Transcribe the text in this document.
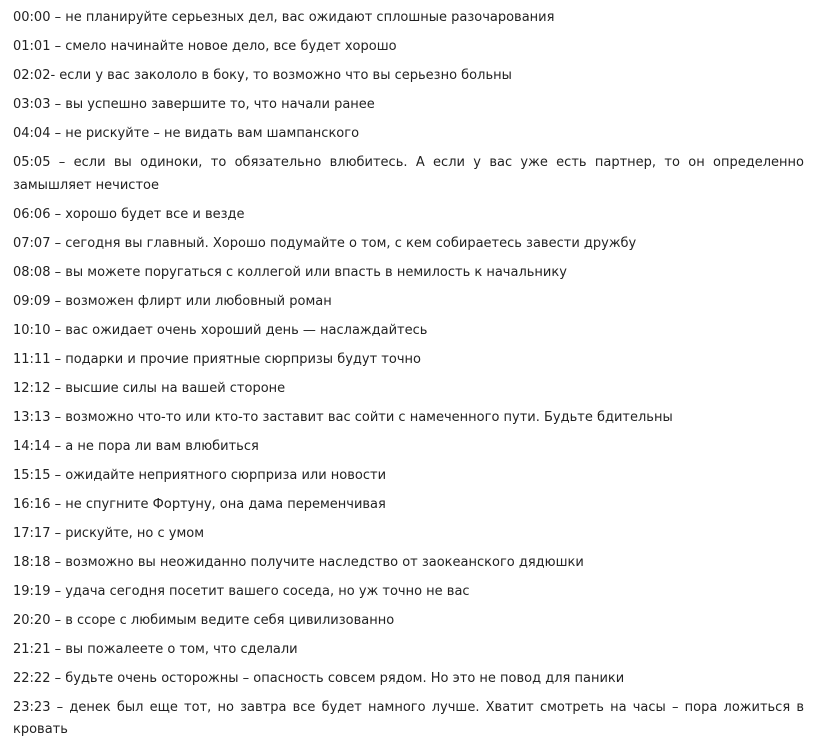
00:00 – не планируйте серьезных дел, вас ожидают сплошные разочарования

01:01 – смело начинайте новое дело, все будет хорошо

02:02- если у вас закололо в боку, то возможно что вы серьезно больны

03:03 – вы успешно завершите то, что начали ранее

04:04 – не рискуйте – не видать вам шампанского

05:05 – если вы одиноки, то обязательно влюбитесь. А если у вас уже есть партнер, то он определенно замышляет нечистое

06:06 – хорошо будет все и везде

07:07 – сегодня вы главный. Хорошо подумайте о том, с кем собираетесь завести дружбу

08:08 – вы можете поругаться с коллегой или впасть в немилость к начальнику

09:09 – возможен флирт или любовный роман

10:10 – вас ожидает очень хороший день — наслаждайтесь

11:11 – подарки и прочие приятные сюрпризы будут точно

12:12 – высшие силы на вашей стороне

13:13 – возможно что-то или кто-то заставит вас сойти с намеченного пути. Будьте бдительны

14:14 – а не пора ли вам влюбиться

15:15 – ожидайте неприятного сюрприза или новости

16:16 – не спугните Фортуну, она дама переменчивая

17:17 – рискуйте, но с умом

18:18 – возможно вы неожиданно получите наследство от заокеанского дядюшки

19:19 – удача сегодня посетит вашего соседа, но уж точно не вас

20:20 – в ссоре с любимым ведите себя цивилизованно

21:21 – вы пожалеете о том, что сделали

22:22 – будьте очень осторожны – опасность совсем рядом. Но это не повод для паники

23:23 – денек был еще тот, но завтра все будет намного лучше. Хватит смотреть на часы – пора ложиться в кровать
